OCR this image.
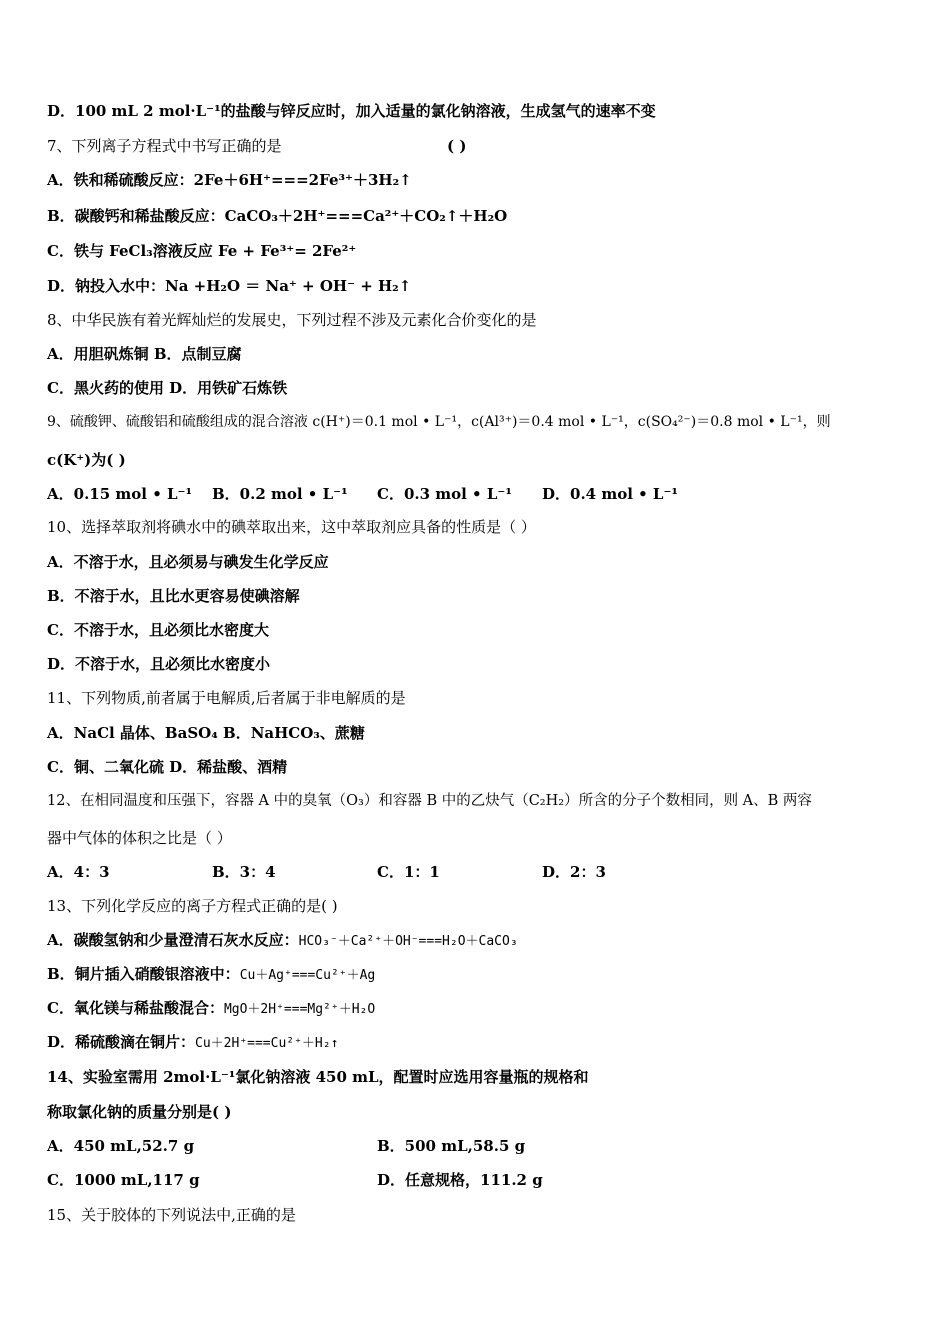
D．100 mL 2 mol·L⁻¹的盐酸与锌反应时，加入适量的氯化钠溶液，生成氢气的速率不变
7、下列离子方程式中书写正确的是	( )
A．铁和稀硫酸反应：2Fe＋6H⁺===2Fe³⁺＋3H₂↑
B．碳酸钙和稀盐酸反应：CaCO₃＋2H⁺===Ca²⁺＋CO₂↑＋H₂O
C．铁与 FeCl₃溶液反应 Fe + Fe³⁺= 2Fe²⁺
D．钠投入水中：Na +H₂O ＝ Na⁺ + OH⁻ + H₂↑
8、中华民族有着光辉灿烂的发展史，下列过程不涉及元素化合价变化的是
A．用胆矾炼铜 B．点制豆腐
C．黑火药的使用 D．用铁矿石炼铁
9、硫酸钾、硫酸铝和硫酸组成的混合溶液 c(H⁺)＝0.1 mol • L⁻¹，c(Al³⁺)＝0.4 mol • L⁻¹，c(SO₄²⁻)＝0.8 mol • L⁻¹，则
c(K⁺)为( )
A．0.15 mol • L⁻¹ B．0.2 mol • L⁻¹ C．0.3 mol • L⁻¹ D．0.4 mol • L⁻¹
10、选择萃取剂将碘水中的碘萃取出来，这中萃取剂应具备的性质是（ ）
A．不溶于水，且必须易与碘发生化学反应
B．不溶于水，且比水更容易使碘溶解
C．不溶于水，且必须比水密度大
D．不溶于水，且必须比水密度小
11、下列物质,前者属于电解质,后者属于非电解质的是
A．NaCl 晶体、BaSO₄ B．NaHCO₃、蔗糖
C．铜、二氧化硫 D．稀盐酸、酒精
12、在相同温度和压强下，容器 A 中的臭氧（O₃）和容器 B 中的乙炔气（C₂H₂）所含的分子个数相同，则 A、B 两容
器中气体的体积之比是（ ）
A．4：3	B．3：4	C．1：1	D．2：3
13、下列化学反应的离子方程式正确的是( )
A．碳酸氢钠和少量澄清石灰水反应：HCO₃⁻＋Ca²⁺＋OH⁻===H₂O＋CaCO₃
B．铜片插入硝酸银溶液中：Cu＋Ag⁺===Cu²⁺＋Ag
C．氧化镁与稀盐酸混合：MgO＋2H⁺===Mg²⁺＋H₂O
D．稀硫酸滴在铜片：Cu＋2H⁺===Cu²⁺＋H₂↑
14、实验室需用 2mol·L⁻¹氯化钠溶液 450 mL，配置时应选用容量瓶的规格和
称取氯化钠的质量分别是( )
A．450 mL,52.7 g	B．500 mL,58.5 g
C．1000 mL,117 g	D．任意规格，111.2 g
15、关于胶体的下列说法中,正确的是
